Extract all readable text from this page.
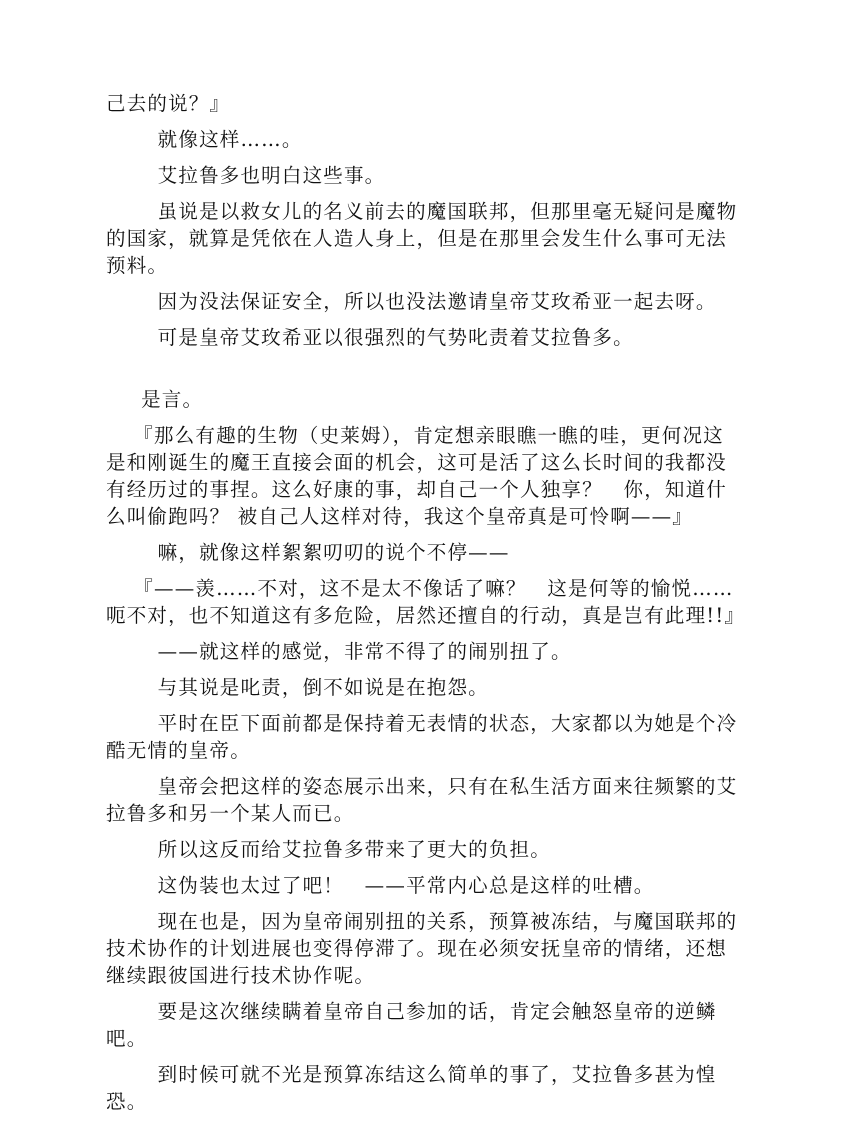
己去的说？』

就像这样……。

艾拉鲁多也明白这些事。

虽说是以救女儿的名义前去的魔国联邦，但那里毫无疑问是魔物的国家，就算是凭依在人造人身上，但是在那里会发生什么事可无法预料。

因为没法保证安全，所以也没法邀请皇帝艾玫希亚一起去呀。

可是皇帝艾玫希亚以很强烈的气势叱责着艾拉鲁多。

是言。

『那么有趣的生物（史莱姆），肯定想亲眼瞧一瞧的哇，更何况这是和刚诞生的魔王直接会面的机会，这可是活了这么长时间的我都没有经历过的事捏。这么好康的事，却自己一个人独享？　你，知道什么叫偷跑吗？ 被自己人这样对待，我这个皇帝真是可怜啊——』

嘛，就像这样絮絮叨叨的说个不停——

『——羡……不对，这不是太不像话了嘛？　这是何等的愉悦……呃不对，也不知道这有多危险，居然还擅自的行动，真是岂有此理!!』

——就这样的感觉，非常不得了的闹别扭了。

与其说是叱责，倒不如说是在抱怨。

平时在臣下面前都是保持着无表情的状态，大家都以为她是个冷酷无情的皇帝。

皇帝会把这样的姿态展示出来，只有在私生活方面来往频繁的艾拉鲁多和另一个某人而已。

所以这反而给艾拉鲁多带来了更大的负担。

这伪装也太过了吧！　——平常内心总是这样的吐槽。

现在也是，因为皇帝闹别扭的关系，预算被冻结，与魔国联邦的技术协作的计划进展也变得停滞了。现在必须安抚皇帝的情绪，还想继续跟彼国进行技术协作呢。

要是这次继续瞒着皇帝自己参加的话，肯定会触怒皇帝的逆鳞吧。

到时候可就不光是预算冻结这么简单的事了，艾拉鲁多甚为惶恐。
